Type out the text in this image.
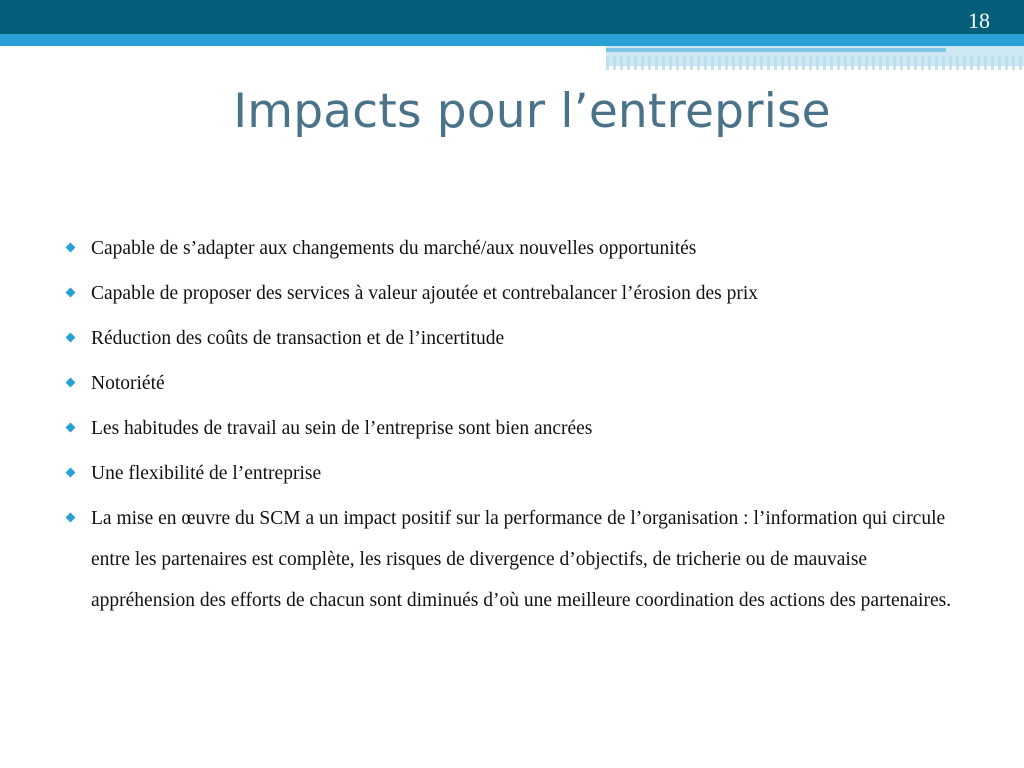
18
Impacts pour l’entreprise
Capable de s’adapter aux changements du marché/aux nouvelles opportunités
Capable de proposer des services à valeur ajoutée et contrebalancer l’érosion des prix
Réduction des coûts de transaction et de l’incertitude
Notoriété
Les habitudes de travail au sein de l’entreprise sont bien ancrées
Une flexibilité de l’entreprise
La mise en œuvre du SCM a un impact positif sur la performance de l’organisation : l’information qui circule entre les partenaires est complète, les risques de divergence d’objectifs, de tricherie ou de mauvaise appréhension des efforts de chacun sont diminués d’où une meilleure coordination des actions des partenaires.
